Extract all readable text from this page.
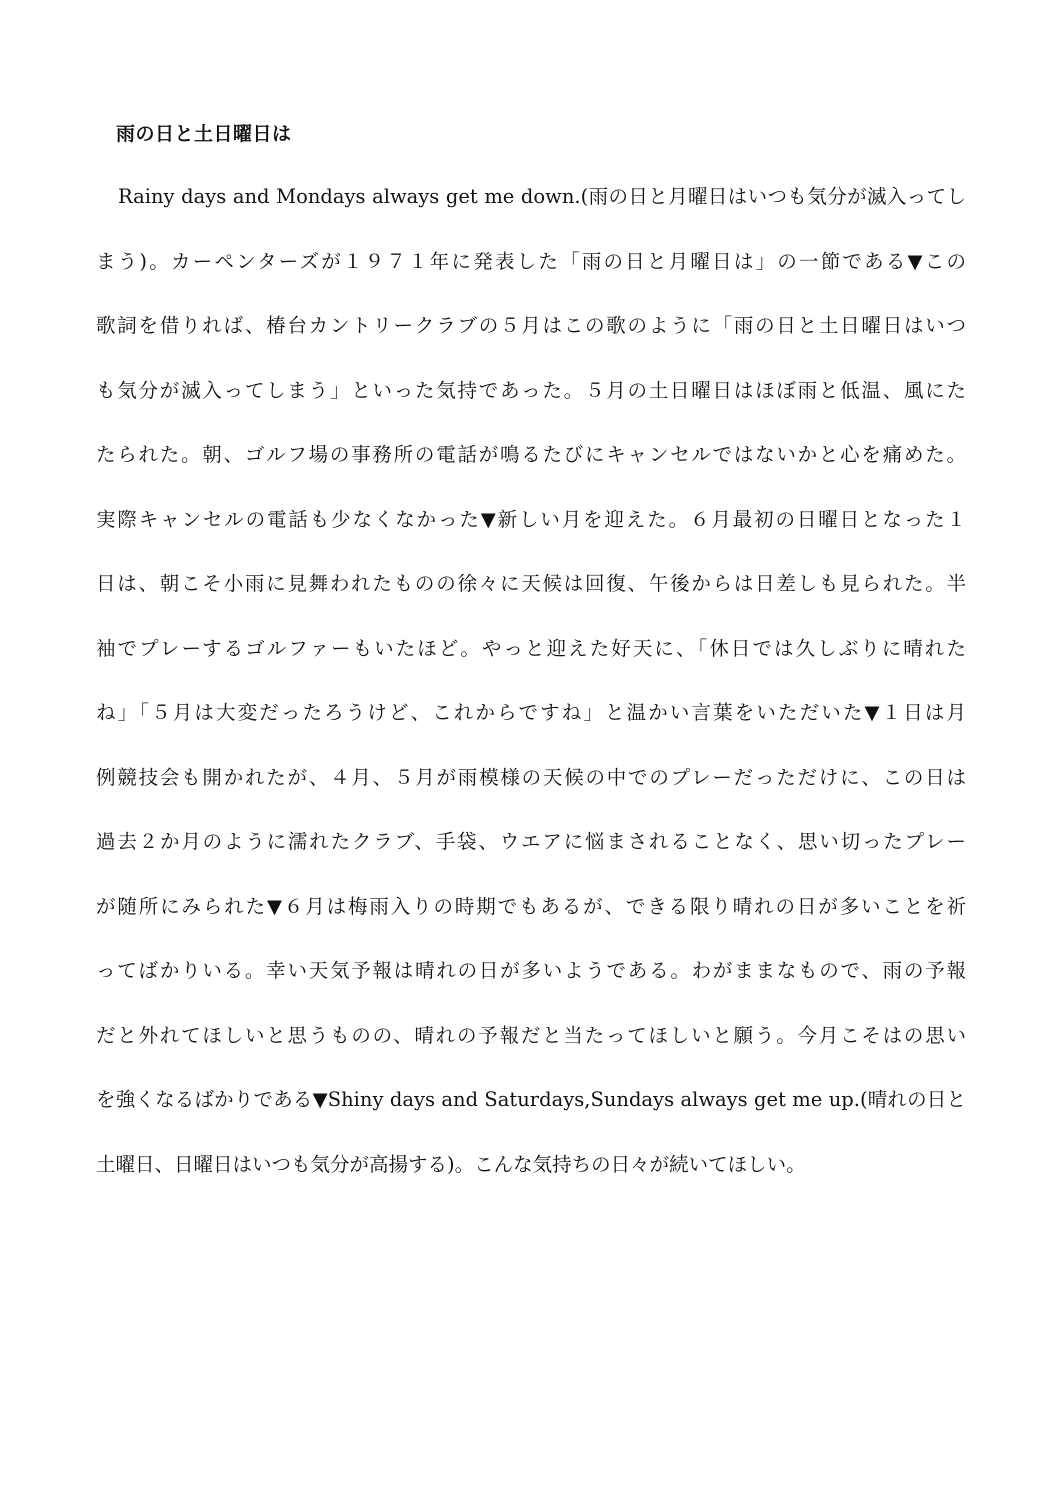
雨の日と土日曜日は
Rainy days and Mondays always get me down.(雨の日と月曜日はいつも気分が滅入ってし
まう)。カーペンターズが１９７１年に発表した「雨の日と月曜日は」の一節である▼この
歌詞を借りれば、椿台カントリークラブの５月はこの歌のように「雨の日と土日曜日はいつ
も気分が滅入ってしまう」といった気持であった。５月の土日曜日はほぼ雨と低温、風にた
たられた。朝、ゴルフ場の事務所の電話が鳴るたびにキャンセルではないかと心を痛めた。
実際キャンセルの電話も少なくなかった▼新しい月を迎えた。６月最初の日曜日となった１
日は、朝こそ小雨に見舞われたものの徐々に天候は回復、午後からは日差しも見られた。半
袖でプレーするゴルファーもいたほど。やっと迎えた好天に、「休日では久しぶりに晴れた
ね」「５月は大変だったろうけど、これからですね」と温かい言葉をいただいた▼１日は月
例競技会も開かれたが、４月、５月が雨模様の天候の中でのプレーだっただけに、この日は
過去２か月のように濡れたクラブ、手袋、ウエアに悩まされることなく、思い切ったプレー
が随所にみられた▼６月は梅雨入りの時期でもあるが、できる限り晴れの日が多いことを祈
ってばかりいる。幸い天気予報は晴れの日が多いようである。わがままなもので、雨の予報
だと外れてほしいと思うものの、晴れの予報だと当たってほしいと願う。今月こそはの思い
を強くなるばかりである▼Shiny days and Saturdays,Sundays always get me up.(晴れの日と
土曜日、日曜日はいつも気分が高揚する)。こんな気持ちの日々が続いてほしい。
